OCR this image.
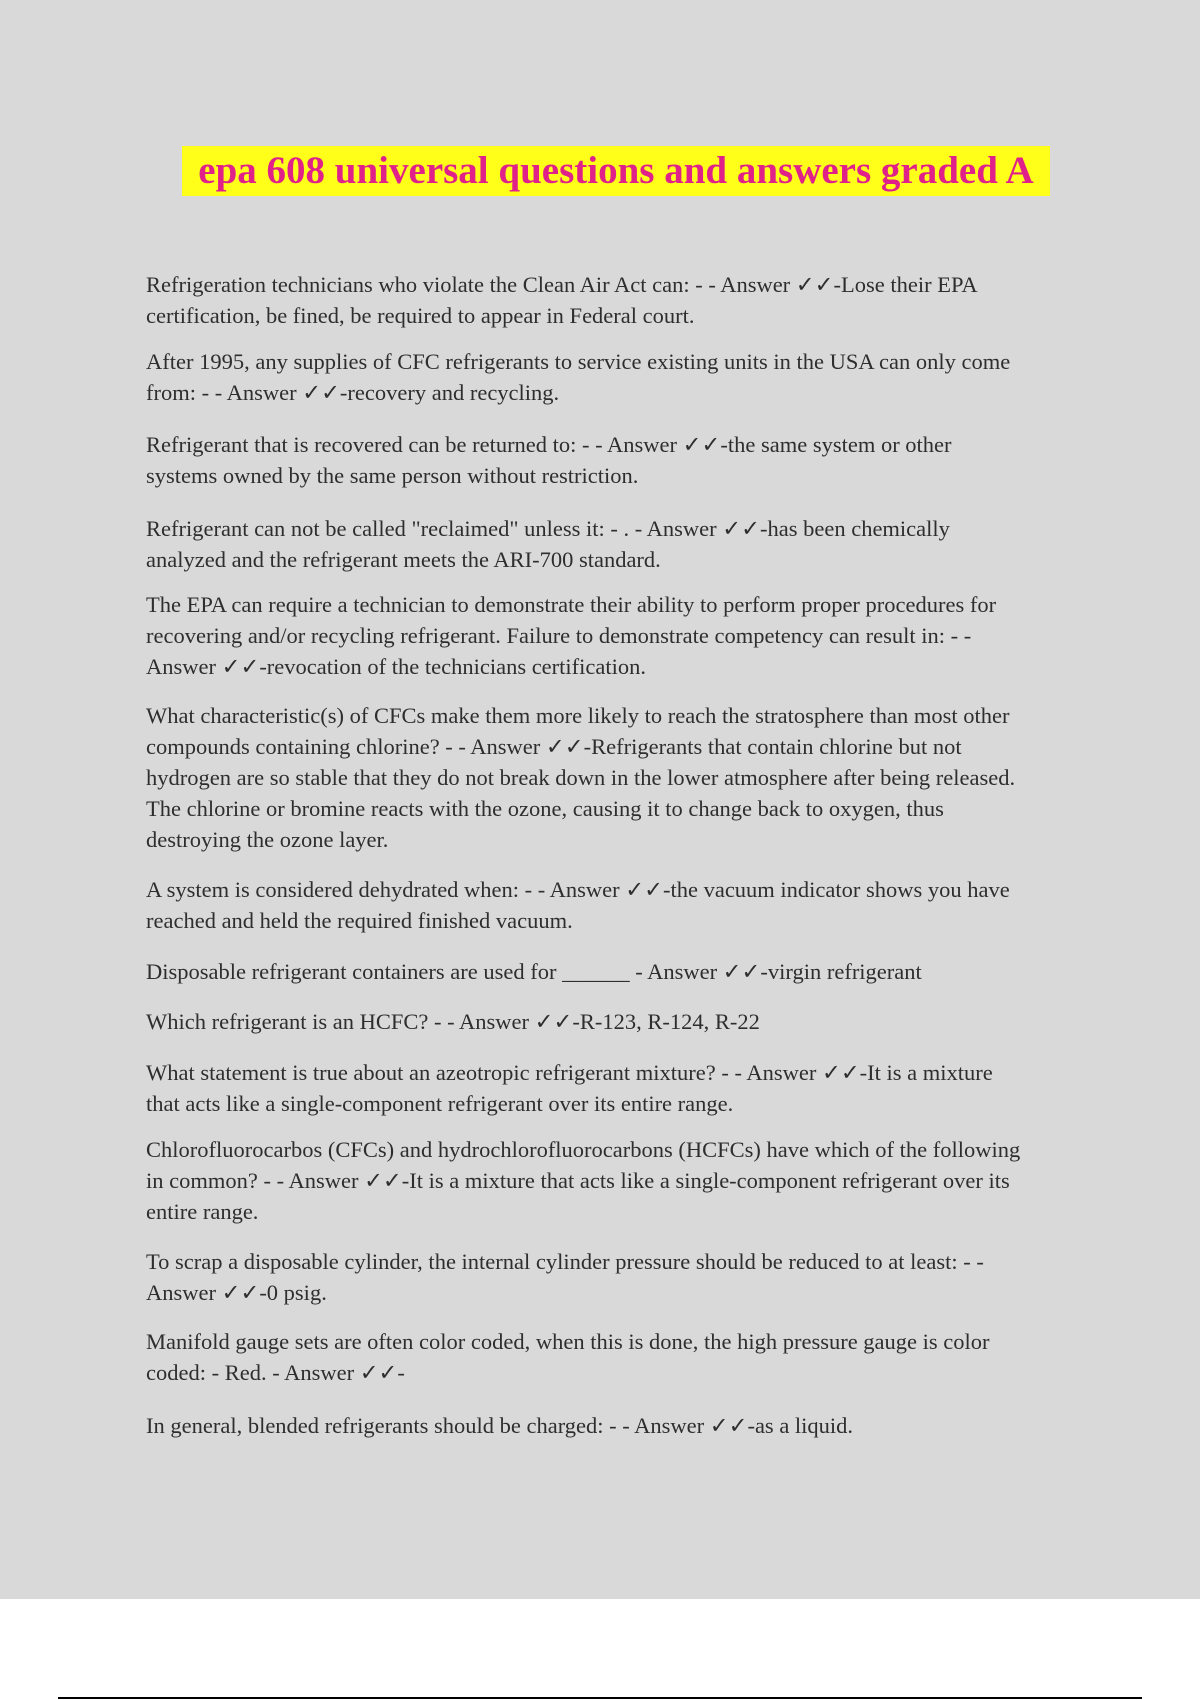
epa 608 universal questions and answers graded A
Refrigeration technicians who violate the Clean Air Act can: - - Answer ✓✓-Lose their EPA
certification, be fined, be required to appear in Federal court.
After 1995, any supplies of CFC refrigerants to service existing units in the USA can only come
from: - - Answer ✓✓-recovery and recycling.
Refrigerant that is recovered can be returned to: - - Answer ✓✓-the same system or other
systems owned by the same person without restriction.
Refrigerant can not be called "reclaimed" unless it: - . - Answer ✓✓-has been chemically
analyzed and the refrigerant meets the ARI-700 standard.
The EPA can require a technician to demonstrate their ability to perform proper procedures for
recovering and/or recycling refrigerant. Failure to demonstrate competency can result in: - -
Answer ✓✓-revocation of the technicians certification.
What characteristic(s) of CFCs make them more likely to reach the stratosphere than most other
compounds containing chlorine? - - Answer ✓✓-Refrigerants that contain chlorine but not
hydrogen are so stable that they do not break down in the lower atmosphere after being released.
The chlorine or bromine reacts with the ozone, causing it to change back to oxygen, thus
destroying the ozone layer.
A system is considered dehydrated when: - - Answer ✓✓-the vacuum indicator shows you have
reached and held the required finished vacuum.
Disposable refrigerant containers are used for ______ - Answer ✓✓-virgin refrigerant
Which refrigerant is an HCFC? - - Answer ✓✓-R-123, R-124, R-22
What statement is true about an azeotropic refrigerant mixture? - - Answer ✓✓-It is a mixture
that acts like a single-component refrigerant over its entire range.
Chlorofluorocarbos (CFCs) and hydrochlorofluorocarbons (HCFCs) have which of the following
in common? - - Answer ✓✓-It is a mixture that acts like a single-component refrigerant over its
entire range.
To scrap a disposable cylinder, the internal cylinder pressure should be reduced to at least: - -
Answer ✓✓-0 psig.
Manifold gauge sets are often color coded, when this is done, the high pressure gauge is color
coded: - Red. - Answer ✓✓-
In general, blended refrigerants should be charged: - - Answer ✓✓-as a liquid.
